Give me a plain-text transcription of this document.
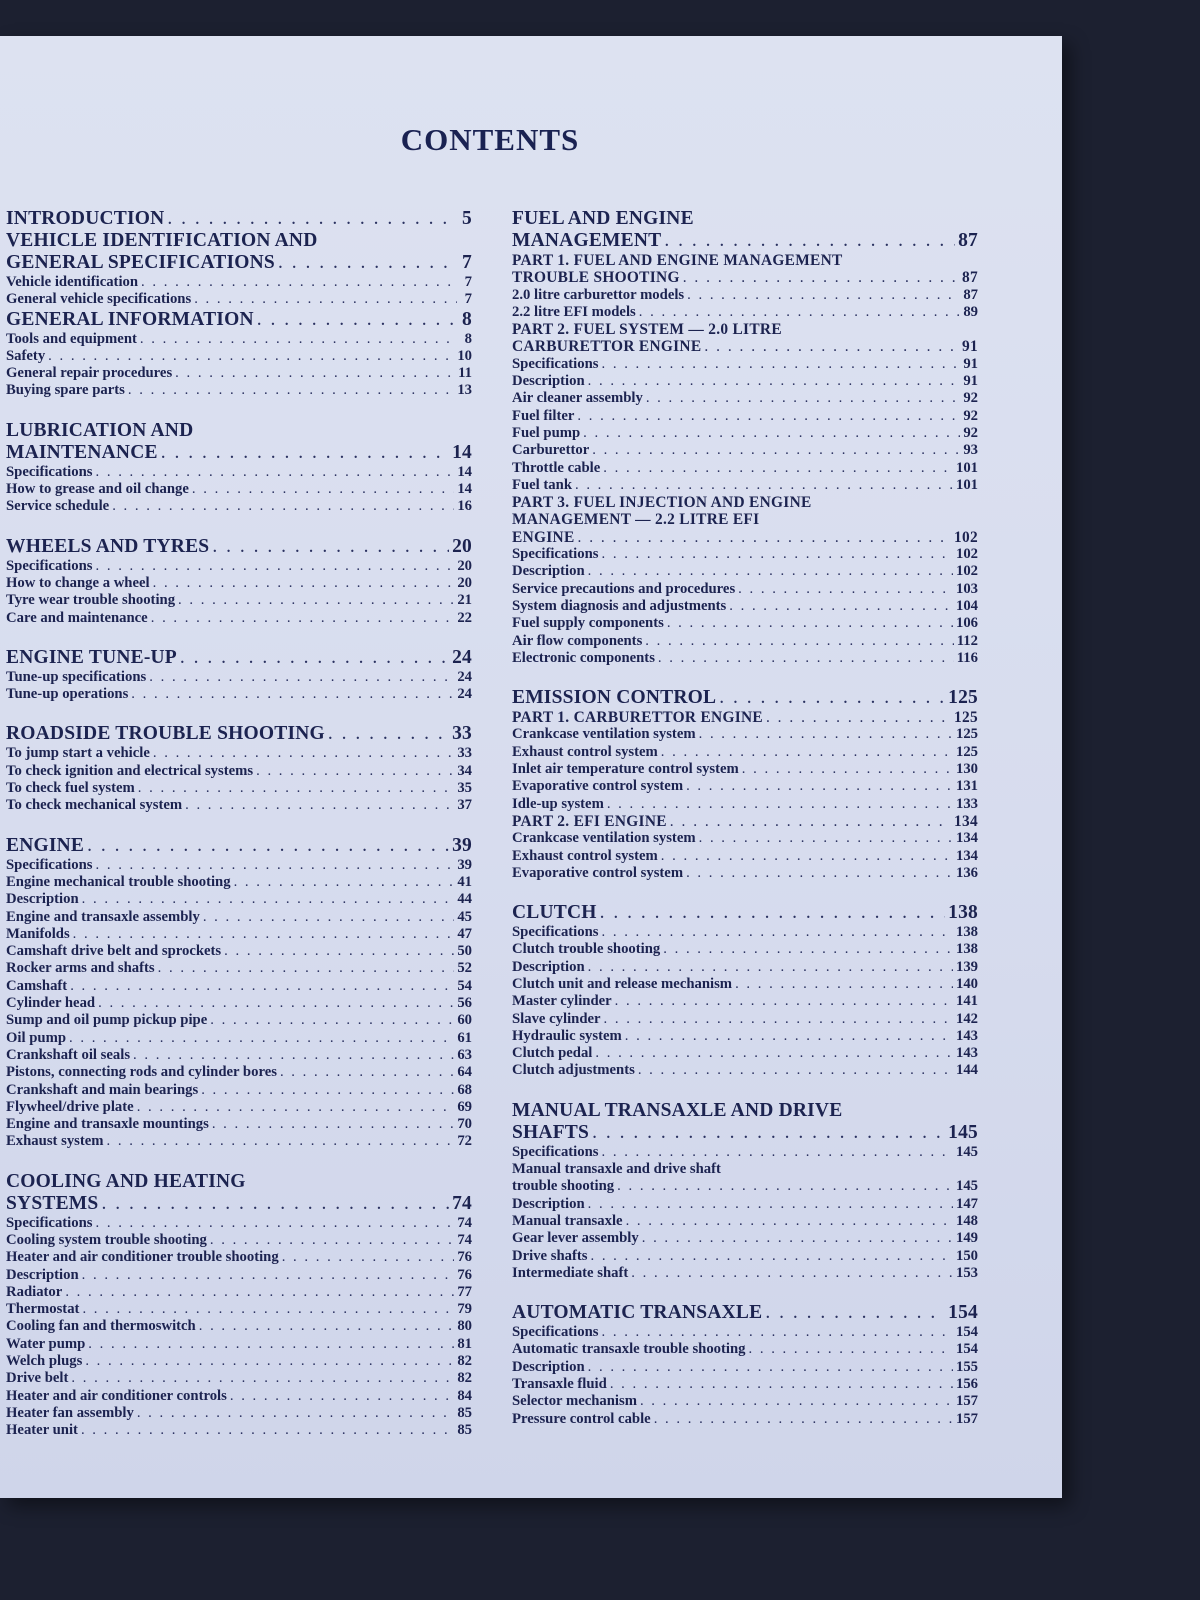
CONTENTS
INTRODUCTION . . .	5
VEHICLE IDENTIFICATION AND
GENERAL SPECIFICATIONS . . .	7
Vehicle identification . . .	7
General vehicle specifications . . .	7
GENERAL INFORMATION . . .	8
Tools and equipment . . .	8
Safety . . .	10
General repair procedures . . .	11
Buying spare parts . . .	13
LUBRICATION AND
MAINTENANCE . . .	14
Specifications . . .	14
How to grease and oil change . . .	14
Service schedule . . .	16
WHEELS AND TYRES . . .	20
Specifications . . .	20
How to change a wheel . . .	20
Tyre wear trouble shooting . . .	21
Care and maintenance . . .	22
ENGINE TUNE-UP . . .	24
Tune-up specifications . . .	24
Tune-up operations . . .	24
ROADSIDE TROUBLE SHOOTING . . .	33
To jump start a vehicle . . .	33
To check ignition and electrical systems . . .	34
To check fuel system . . .	35
To check mechanical system . . .	37
ENGINE . . .	39
Specifications . . .	39
Engine mechanical trouble shooting . . .	41
Description . . .	44
Engine and transaxle assembly . . .	45
Manifolds . . .	47
Camshaft drive belt and sprockets . . .	50
Rocker arms and shafts . . .	52
Camshaft . . .	54
Cylinder head . . .	56
Sump and oil pump pickup pipe . . .	60
Oil pump . . .	61
Crankshaft oil seals . . .	63
Pistons, connecting rods and cylinder bores . . .	64
Crankshaft and main bearings . . .	68
Flywheel/drive plate . . .	69
Engine and transaxle mountings . . .	70
Exhaust system . . .	72
COOLING AND HEATING
SYSTEMS . . .	74
Specifications . . .	74
Cooling system trouble shooting . . .	74
Heater and air conditioner trouble shooting . . .	76
Description . . .	76
Radiator . . .	77
Thermostat . . .	79
Cooling fan and thermoswitch . . .	80
Water pump . . .	81
Welch plugs . . .	82
Drive belt . . .	82
Heater and air conditioner controls . . .	84
Heater fan assembly . . .	85
Heater unit . . .	85
FUEL AND ENGINE
MANAGEMENT . . .	87
PART 1. FUEL AND ENGINE MANAGEMENT
TROUBLE SHOOTING . . .	87
2.0 litre carburettor models . . .	87
2.2 litre EFI models . . .	89
PART 2. FUEL SYSTEM — 2.0 LITRE
CARBURETTOR ENGINE . . .	91
Specifications . . .	91
Description . . .	91
Air cleaner assembly . . .	92
Fuel filter . . .	92
Fuel pump . . .	92
Carburettor . . .	93
Throttle cable . . .	101
Fuel tank . . .	101
PART 3. FUEL INJECTION AND ENGINE
MANAGEMENT — 2.2 LITRE EFI
ENGINE . . .	102
Specifications . . .	102
Description . . .	102
Service precautions and procedures . . .	103
System diagnosis and adjustments . . .	104
Fuel supply components . . .	106
Air flow components . . .	112
Electronic components . . .	116
EMISSION CONTROL . . .	125
PART 1. CARBURETTOR ENGINE . . .	125
Crankcase ventilation system . . .	125
Exhaust control system . . .	125
Inlet air temperature control system . . .	130
Evaporative control system . . .	131
Idle-up system . . .	133
PART 2. EFI ENGINE . . .	134
Crankcase ventilation system . . .	134
Exhaust control system . . .	134
Evaporative control system . . .	136
CLUTCH . . .	138
Specifications . . .	138
Clutch trouble shooting . . .	138
Description . . .	139
Clutch unit and release mechanism . . .	140
Master cylinder . . .	141
Slave cylinder . . .	142
Hydraulic system . . .	143
Clutch pedal . . .	143
Clutch adjustments . . .	144
MANUAL TRANSAXLE AND DRIVE
SHAFTS . . .	145
Specifications . . .	145
Manual transaxle and drive shaft
trouble shooting . . .	145
Description . . .	147
Manual transaxle . . .	148
Gear lever assembly . . .	149
Drive shafts . . .	150
Intermediate shaft . . .	153
AUTOMATIC TRANSAXLE . . .	154
Specifications . . .	154
Automatic transaxle trouble shooting . . .	154
Description . . .	155
Transaxle fluid . . .	156
Selector mechanism . . .	157
Pressure control cable . . .	157
